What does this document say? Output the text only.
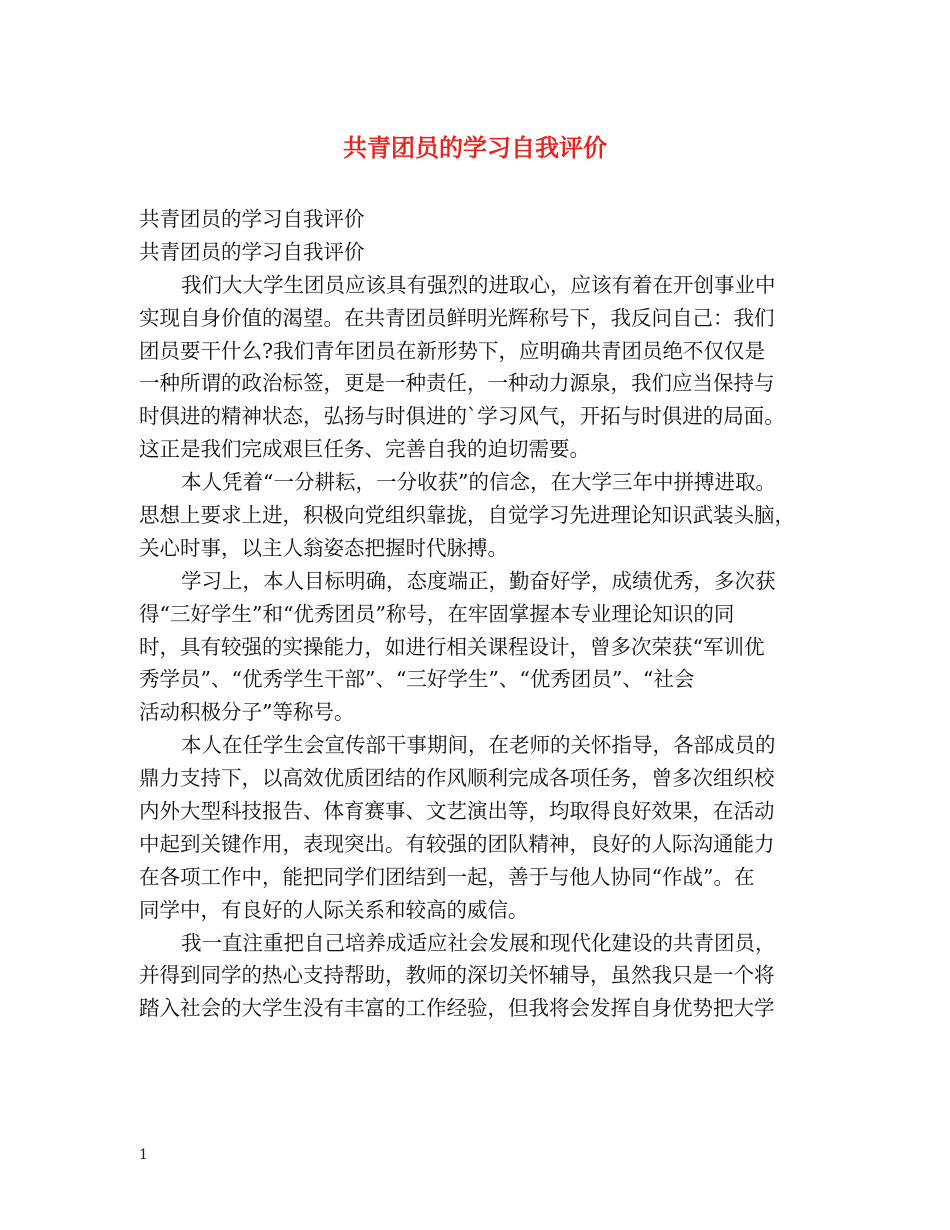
共青团员的学习自我评价

共青团员的学习自我评价

共青团员的学习自我评价

我们大大学生团员应该具有强烈的进取心，应该有着在开创事业中

实现自身价值的渴望。在共青团员鲜明光辉称号下，我反问自己：我们

团员要干什么?我们青年团员在新形势下，应明确共青团员绝不仅仅是

一种所谓的政治标签，更是一种责任，一种动力源泉，我们应当保持与

时俱进的精神状态，弘扬与时俱进的`学习风气，开拓与时俱进的局面。

这正是我们完成艰巨任务、完善自我的迫切需要。

本人凭着“一分耕耘，一分收获”的信念，在大学三年中拼搏进取。

思想上要求上进，积极向党组织靠拢，自觉学习先进理论知识武装头脑，

关心时事，以主人翁姿态把握时代脉搏。

学习上，本人目标明确，态度端正，勤奋好学，成绩优秀，多次获

得“三好学生”和“优秀团员”称号，在牢固掌握本专业理论知识的同

时，具有较强的实操能力，如进行相关课程设计，曾多次荣获“军训优

秀学员”、“优秀学生干部”、“三好学生”、“优秀团员”、“社会

活动积极分子”等称号。

本人在任学生会宣传部干事期间，在老师的关怀指导，各部成员的

鼎力支持下，以高效优质团结的作风顺利完成各项任务，曾多次组织校

内外大型科技报告、体育赛事、文艺演出等，均取得良好效果，在活动

中起到关键作用，表现突出。有较强的团队精神，良好的人际沟通能力

在各项工作中，能把同学们团结到一起，善于与他人协同“作战”。在

同学中，有良好的人际关系和较高的威信。

我一直注重把自己培养成适应社会发展和现代化建设的共青团员，

并得到同学的热心支持帮助，教师的深切关怀辅导，虽然我只是一个将

踏入社会的大学生没有丰富的工作经验，但我将会发挥自身优势把大学

1
